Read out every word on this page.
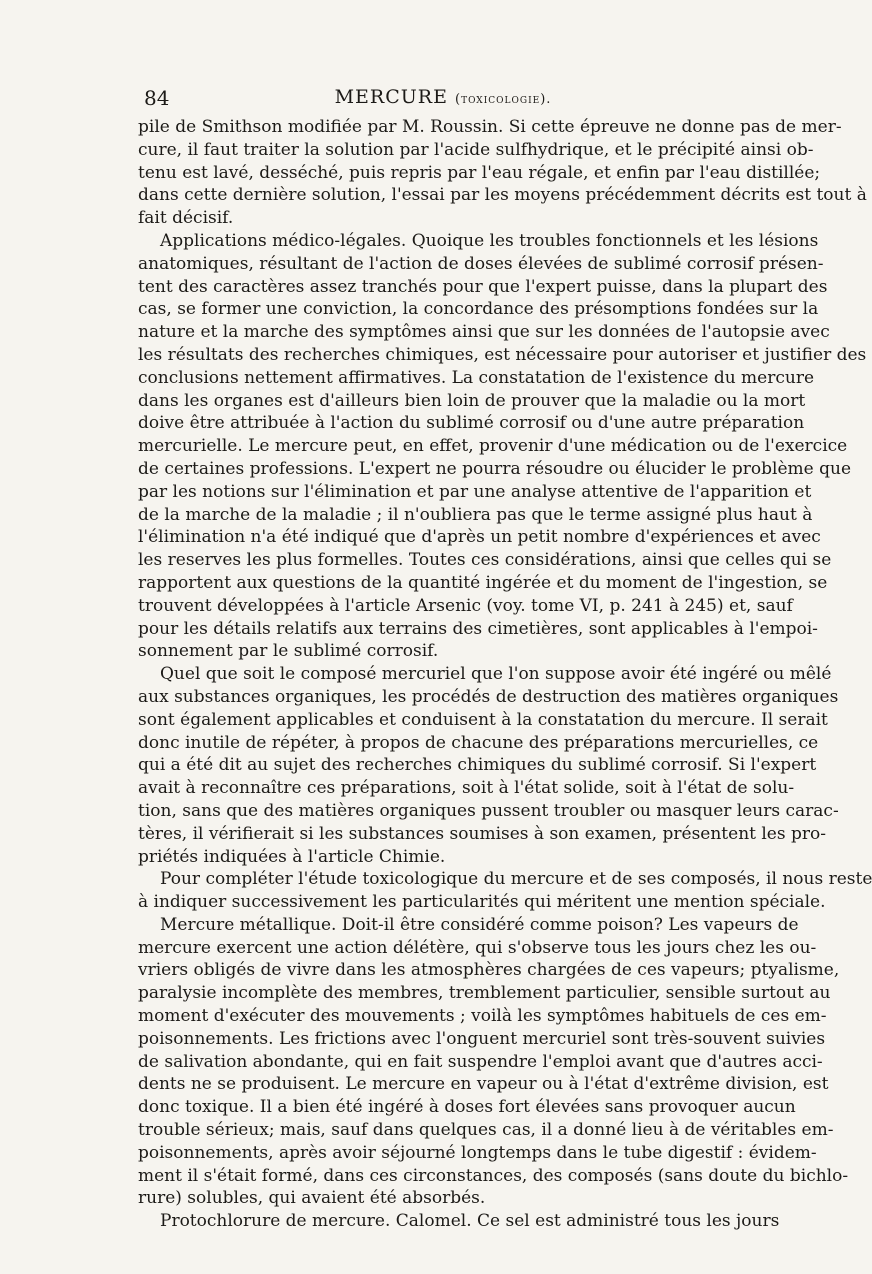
84	MERCURE (toxicologie).
pile de Smithson modifiée par M. Roussin. Si cette épreuve ne donne pas de mer-
cure, il faut traiter la solution par l'acide sulfhydrique, et le précipité ainsi ob-
tenu est lavé, desséché, puis repris par l'eau régale, et enfin par l'eau distillée;
dans cette dernière solution, l'essai par les moyens précédemment décrits est tout à
fait décisif.
Applications médico-légales. Quoique les troubles fonctionnels et les lésions
anatomiques, résultant de l'action de doses élevées de sublimé corrosif présen-
tent des caractères assez tranchés pour que l'expert puisse, dans la plupart des
cas, se former une conviction, la concordance des présomptions fondées sur la
nature et la marche des symptômes ainsi que sur les données de l'autopsie avec
les résultats des recherches chimiques, est nécessaire pour autoriser et justifier des
conclusions nettement affirmatives. La constatation de l'existence du mercure
dans les organes est d'ailleurs bien loin de prouver que la maladie ou la mort
doive être attribuée à l'action du sublimé corrosif ou d'une autre préparation
mercurielle. Le mercure peut, en effet, provenir d'une médication ou de l'exercice
de certaines professions. L'expert ne pourra résoudre ou élucider le problème que
par les notions sur l'élimination et par une analyse attentive de l'apparition et
de la marche de la maladie ; il n'oubliera pas que le terme assigné plus haut à
l'élimination n'a été indiqué que d'après un petit nombre d'expériences et avec
les reserves les plus formelles. Toutes ces considérations, ainsi que celles qui se
rapportent aux questions de la quantité ingérée et du moment de l'ingestion, se
trouvent développées à l'article Arsenic (voy. tome VI, p. 241 à 245) et, sauf
pour les détails relatifs aux terrains des cimetières, sont applicables à l'empoi-
sonnement par le sublimé corrosif.
Quel que soit le composé mercuriel que l'on suppose avoir été ingéré ou mêlé
aux substances organiques, les procédés de destruction des matières organiques
sont également applicables et conduisent à la constatation du mercure. Il serait
donc inutile de répéter, à propos de chacune des préparations mercurielles, ce
qui a été dit au sujet des recherches chimiques du sublimé corrosif. Si l'expert
avait à reconnaître ces préparations, soit à l'état solide, soit à l'état de solu-
tion, sans que des matières organiques pussent troubler ou masquer leurs carac-
tères, il vérifierait si les substances soumises à son examen, présentent les pro-
priétés indiquées à l'article Chimie.
Pour compléter l'étude toxicologique du mercure et de ses composés, il nous reste
à indiquer successivement les particularités qui méritent une mention spéciale.
Mercure métallique. Doit-il être considéré comme poison? Les vapeurs de
mercure exercent une action délétère, qui s'observe tous les jours chez les ou-
vriers obligés de vivre dans les atmosphères chargées de ces vapeurs; ptyalisme,
paralysie incomplète des membres, tremblement particulier, sensible surtout au
moment d'exécuter des mouvements ; voilà les symptômes habituels de ces em-
poisonnements. Les frictions avec l'onguent mercuriel sont très-souvent suivies
de salivation abondante, qui en fait suspendre l'emploi avant que d'autres acci-
dents ne se produisent. Le mercure en vapeur ou à l'état d'extrême division, est
donc toxique. Il a bien été ingéré à doses fort élevées sans provoquer aucun
trouble sérieux; mais, sauf dans quelques cas, il a donné lieu à de véritables em-
poisonnements, après avoir séjourné longtemps dans le tube digestif : évidem-
ment il s'était formé, dans ces circonstances, des composés (sans doute du bichlo-
rure) solubles, qui avaient été absorbés.
Protochlorure de mercure. Calomel. Ce sel est administré tous les jours
